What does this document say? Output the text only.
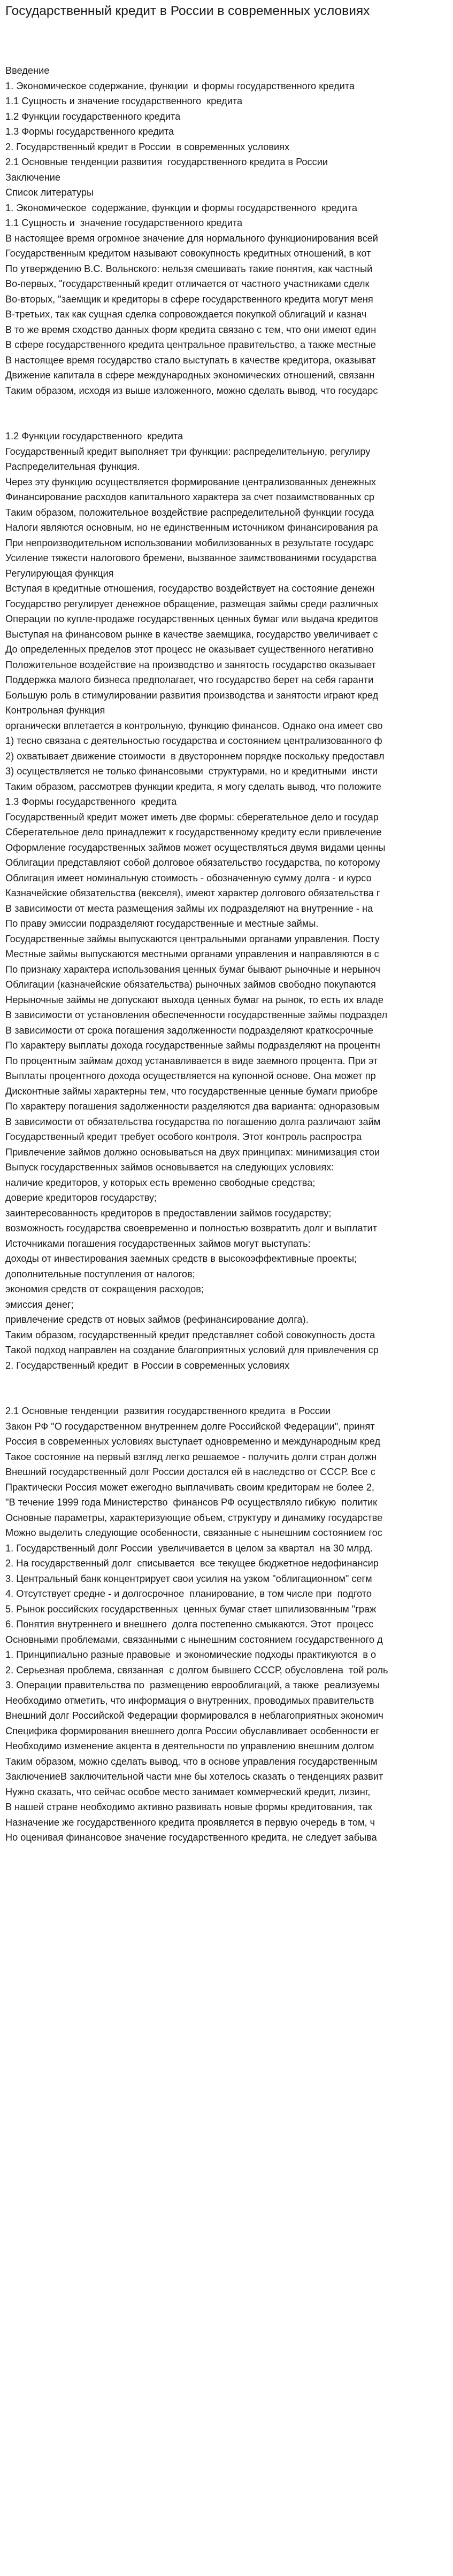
Государственный кредит в России в современных условиях
Введение
1. Экономическое содержание, функции  и формы государственного кредита
1.1 Сущность и значение государственного  кредита
1.2 Функции государственного кредита
1.3 Формы государственного кредита
2. Государственный кредит в России  в современных условиях
2.1 Основные тенденции развития  государственного кредита в России
Заключение
Список литературы
1. Экономическое  содержание, функции и формы государственного  кредита
1.1 Сущность и  значение государственного кредита
В настоящее время огромное значение для нормального функционирования всей
Государственным кредитом называют совокупность кредитных отношений, в кот
По утверждению В.С. Вольнского: нельзя смешивать такие понятия, как частный
Во-первых, "государственный кредит отличается от частного участниками сделк
Во-вторых, "заемщик и кредиторы в сфере государственного кредита могут меня
В-третьих, так как сущная сделка сопровождается покупкой облигаций и казнач
В то же время сходство данных форм кредита связано с тем, что они имеют един
В сфере государственного кредита центральное правительство, а также местные
В настоящее время государство стало выступать в качестве кредитора, оказыват
Движение капитала в сфере международных экономических отношений, связанн
Таким образом, исходя из выше изложенного, можно сделать вывод, что государс
1.2 Функции государственного  кредита
Государственный кредит выполняет три функции: распределительную, регулиру
Распределительная функция.
Через эту функцию осуществляется формирование централизованных денежных
Финансирование расходов капитального характера за счет позаимствованных ср
Таким образом, положительное воздействие распределительной функции госуда
Налоги являются основным, но не единственным источником финансирования ра
При непроизводительном использовании мобилизованных в результате государс
Усиление тяжести налогового бремени, вызванное заимствованиями государства
Регулирующая функция
Вступая в кредитные отношения, государство воздействует на состояние денежн
Государство регулирует денежное обращение, размещая займы среди различных
Операции по купле-продаже государственных ценных бумаг или выдача кредитов
Выступая на финансовом рынке в качестве заемщика, государство увеличивает с
До определенных пределов этот процесс не оказывает существенного негативно
Положительное воздействие на производство и занятость государство оказывает
Поддержка малого бизнеса предполагает, что государство берет на себя гаранти
Большую роль в стимулировании развития производства и занятости играют кред
Контрольная функция
органически вплетается в контрольную, функцию финансов. Однако она имеет сво
1) тесно связана с деятельностью государства и состоянием централизованного ф
2) охватывает движение стоимости  в двустороннем порядке поскольку предоставл
3) осуществляется не только финансовыми  структурами, но и кредитными  инсти
Таким образом, рассмотрев функции кредита, я могу сделать вывод, что положите
1.3 Формы государственного  кредита
Государственный кредит может иметь две формы: сберегательное дело и государ
Сберегательное дело принадлежит к государственному кредиту если привлечение
Оформление государственных займов может осуществляться двумя видами ценны
Облигации представляют собой долговое обязательство государства, по которому
Облигация имеет номинальную стоимость - обозначенную сумму долга - и курсо
Казначейские обязательства (векселя), имеют характер долгового обязательства г
В зависимости от места размещения займы их подразделяют на внутренние - на
По праву эмиссии подразделяют государственные и местные займы.
Государственные займы выпускаются центральными органами управления. Посту
Местные займы выпускаются местными органами управления и направляются в с
По признаку характера использования ценных бумаг бывают рыночные и нерыноч
Облигации (казначейские обязательства) рыночных займов свободно покупаются
Нерыночные займы не допускают выхода ценных бумаг на рынок, то есть их владе
В зависимости от установления обеспеченности государственные займы подраздел
В зависимости от срока погашения задолженности подразделяют краткосрочные
По характеру выплаты дохода государственные займы подразделяют на процентн
По процентным займам доход устанавливается в виде заемного процента. При эт
Выплаты процентного дохода осуществляется на купонной основе. Она может пр
Дисконтные займы характерны тем, что государственные ценные бумаги приобре
По характеру погашения задолженности разделяются два варианта: одноразовым
В зависимости от обязательства государства по погашению долга различают займ
Государственный кредит требует особого контроля. Этот контроль распростра
Привлечение займов должно основываться на двух принципах: минимизация стои
Выпуск государственных займов основывается на следующих условиях:
наличие кредиторов, у которых есть временно свободные средства;
доверие кредиторов государству;
заинтересованность кредиторов в предоставлении займов государству;
возможность государства своевременно и полностью возвратить долг и выплатит
Источниками погашения государственных займов могут выступать:
доходы от инвестирования заемных средств в высокоэффективные проекты;
дополнительные поступления от налогов;
экономия средств от сокращения расходов;
эмиссия денег;
привлечение средств от новых займов (рефинансирование долга).
Таким образом, государственный кредит представляет собой совокупность доста
Такой подход направлен на создание благоприятных условий для привлечения ср
2. Государственный кредит  в России в современных условиях
2.1 Основные тенденции  развития государственного кредита  в России
Закон РФ "О государственном внутреннем долге Российской Федерации", принят
Россия в современных условиях выступает одновременно и международным кред
Такое состояние на первый взгляд легко решаемое - получить долги стран должн
Внешний государственный долг России достался ей в наследство от СССР. Все с
Практически Россия может ежегодно выплачивать своим кредиторам не более 2,
"В течение 1999 года Министерство  финансов РФ осуществляло гибкую  политик
Основные параметры, характеризующие объем, структуру и динамику государстве
Можно выделить следующие особенности, связанные с нынешним состоянием гос
1. Государственный долг России  увеличивается в целом за квартал  на 30 млрд.
2. На государственный долг  списывается  все текущее бюджетное недофинансир
3. Центральный банк концентрирует свои усилия на узком "облигационном" сегм
4. Отсутствует средне - и долгосрочное  планирование, в том числе при  подгото
5. Рынок российских государственных  ценных бумаг стает шпилизованным "граж
6. Понятия внутреннего и внешнего  долга постепенно смыкаются. Этот  процесс
Основными проблемами, связанными с нынешним состоянием государственного д
1. Принципиально разные правовые  и экономические подходы практикуются  в о
2. Серьезная проблема, связанная  с долгом бывшего СССР, обусловлена  той роль
3. Операции правительства по  размещению еврооблигаций, а также  реализуемы
Необходимо отметить, что информация о внутренних, проводимых правительств
Внешний долг Российской Федерации формировался в неблагоприятных экономич
Специфика формирования внешнего долга России обуславливает особенности ег
Необходимо изменение акцента в деятельности по управлению внешним долгом
Таким образом, можно сделать вывод, что в основе управления государственным
ЗаключениеВ заключительной части мне бы хотелось сказать о тенденциях развит
Нужно сказать, что сейчас особое место занимает коммерческий кредит, лизинг,
В нашей стране необходимо активно развивать новые формы кредитования, так
Назначение же государственного кредита проявляется в первую очередь в том, ч
Но оценивая финансовое значение государственного кредита, не следует забыва
